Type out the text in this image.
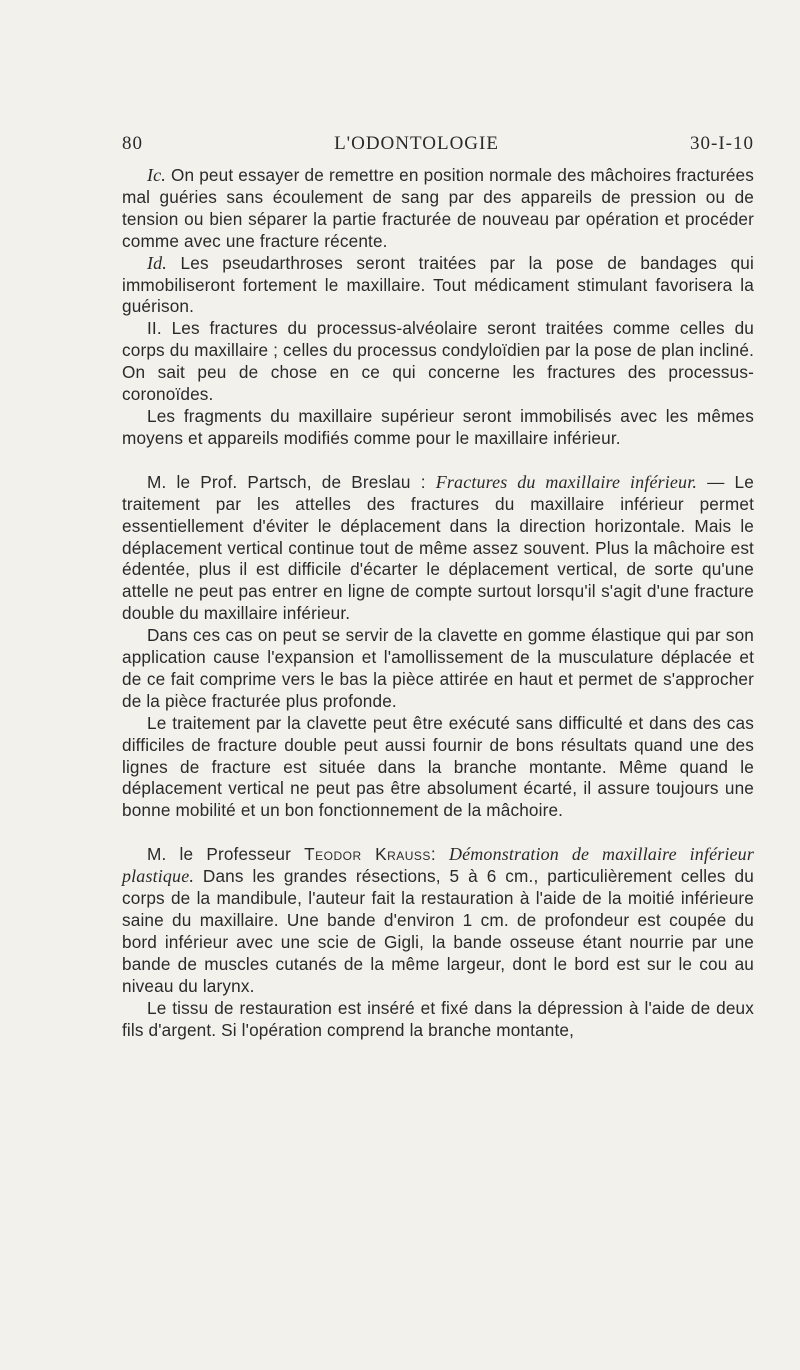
80	L'ODONTOLOGIE	30-I-10

Ic. On peut essayer de remettre en position normale des mâchoires fracturées mal guéries sans écoulement de sang par des appareils de pression ou de tension ou bien séparer la partie fracturée de nouveau par opération et procéder comme avec une fracture récente.

Id. Les pseudarthroses seront traitées par la pose de bandages qui immobiliseront fortement le maxillaire. Tout médicament stimulant favorisera la guérison.

II. Les fractures du processus-alvéolaire seront traitées comme celles du corps du maxillaire ; celles du processus condyloïdien par la pose de plan incliné. On sait peu de chose en ce qui concerne les fractures des processus-coronoïdes.

Les fragments du maxillaire supérieur seront immobilisés avec les mêmes moyens et appareils modifiés comme pour le maxillaire inférieur.

M. le Prof. Partsch, de Breslau : Fractures du maxillaire inférieur. — Le traitement par les attelles des fractures du maxillaire inférieur permet essentiellement d'éviter le déplacement dans la direction horizontale. Mais le déplacement vertical continue tout de même assez souvent. Plus la mâchoire est édentée, plus il est difficile d'écarter le déplacement vertical, de sorte qu'une attelle ne peut pas entrer en ligne de compte surtout lorsqu'il s'agit d'une fracture double du maxillaire inférieur.

Dans ces cas on peut se servir de la clavette en gomme élastique qui par son application cause l'expansion et l'amollissement de la musculature déplacée et de ce fait comprime vers le bas la pièce attirée en haut et permet de s'approcher de la pièce fracturée plus profonde.

Le traitement par la clavette peut être exécuté sans difficulté et dans des cas difficiles de fracture double peut aussi fournir de bons résultats quand une des lignes de fracture est située dans la branche montante. Même quand le déplacement vertical ne peut pas être absolument écarté, il assure toujours une bonne mobilité et un bon fonctionnement de la mâchoire.

M. le Professeur Teodor Krauss: Démonstration de maxillaire inférieur plastique. Dans les grandes résections, 5 à 6 cm., particulièrement celles du corps de la mandibule, l'auteur fait la restauration à l'aide de la moitié inférieure saine du maxillaire. Une bande d'environ 1 cm. de profondeur est coupée du bord inférieur avec une scie de Gigli, la bande osseuse étant nourrie par une bande de muscles cutanés de la même largeur, dont le bord est sur le cou au niveau du larynx.

Le tissu de restauration est inséré et fixé dans la dépression à l'aide de deux fils d'argent. Si l'opération comprend la branche montante,
